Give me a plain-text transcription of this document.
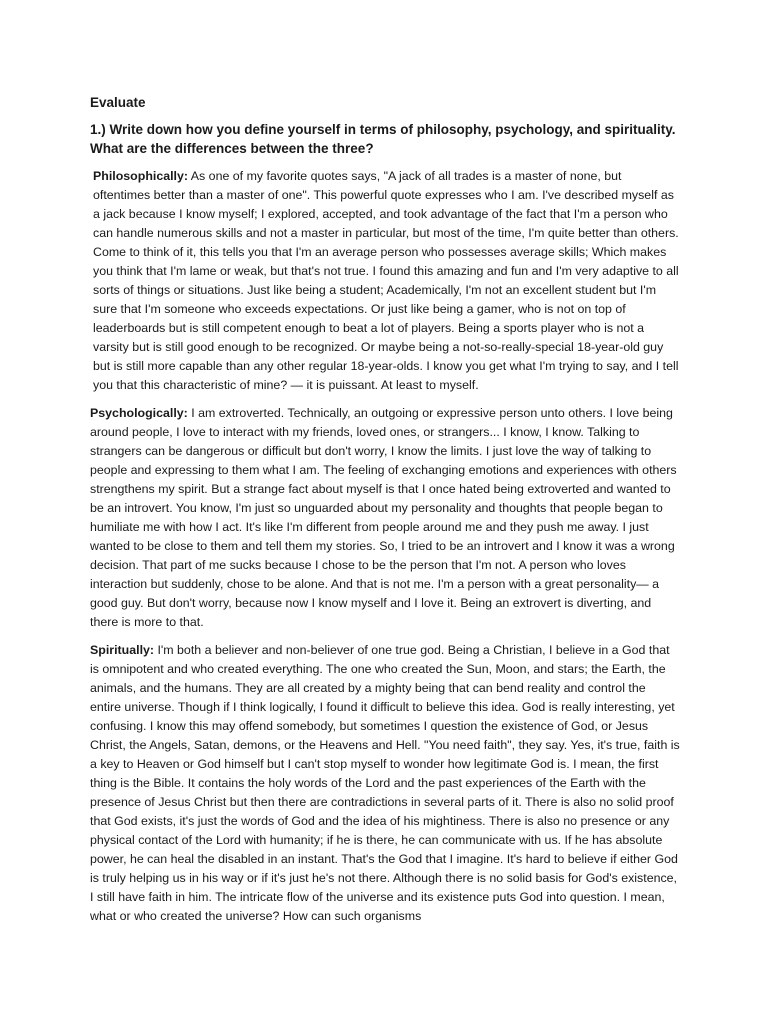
Evaluate
1.) Write down how you define yourself in terms of philosophy, psychology, and spirituality. What are the differences between the three?

Philosophically: As one of my favorite quotes says, "A jack of all trades is a master of none, but oftentimes better than a master of one". This powerful quote expresses who I am. I've described myself as a jack because I know myself; I explored, accepted, and took advantage of the fact that I'm a person who can handle numerous skills and not a master in particular, but most of the time, I'm quite better than others. Come to think of it, this tells you that I'm an average person who possesses average skills; Which makes you think that I'm lame or weak, but that's not true. I found this amazing and fun and I'm very adaptive to all sorts of things or situations. Just like being a student; Academically, I'm not an excellent student but I'm sure that I'm someone who exceeds expectations. Or just like being a gamer, who is not on top of leaderboards but is still competent enough to beat a lot of players. Being a sports player who is not a varsity but is still good enough to be recognized. Or maybe being a not-so-really-special 18-year-old guy but is still more capable than any other regular 18-year-olds. I know you get what I'm trying to say, and I tell you that this characteristic of mine? — it is puissant. At least to myself.

Psychologically: I am extroverted. Technically, an outgoing or expressive person unto others. I love being around people, I love to interact with my friends, loved ones, or strangers... I know, I know. Talking to strangers can be dangerous or difficult but don't worry, I know the limits. I just love the way of talking to people and expressing to them what I am. The feeling of exchanging emotions and experiences with others strengthens my spirit. But a strange fact about myself is that I once hated being extroverted and wanted to be an introvert. You know, I'm just so unguarded about my personality and thoughts that people began to humiliate me with how I act. It's like I'm different from people around me and they push me away. I just wanted to be close to them and tell them my stories. So, I tried to be an introvert and I know it was a wrong decision. That part of me sucks because I chose to be the person that I'm not. A person who loves interaction but suddenly, chose to be alone. And that is not me. I'm a person with a great personality— a good guy. But don't worry, because now I know myself and I love it. Being an extrovert is diverting, and there is more to that.

Spiritually: I'm both a believer and non-believer of one true god. Being a Christian, I believe in a God that is omnipotent and who created everything. The one who created the Sun, Moon, and stars; the Earth, the animals, and the humans. They are all created by a mighty being that can bend reality and control the entire universe. Though if I think logically, I found it difficult to believe this idea. God is really interesting, yet confusing. I know this may offend somebody, but sometimes I question the existence of God, or Jesus Christ, the Angels, Satan, demons, or the Heavens and Hell. "You need faith", they say. Yes, it's true, faith is a key to Heaven or God himself but I can't stop myself to wonder how legitimate God is. I mean, the first thing is the Bible. It contains the holy words of the Lord and the past experiences of the Earth with the presence of Jesus Christ but then there are contradictions in several parts of it. There is also no solid proof that God exists, it's just the words of God and the idea of his mightiness. There is also no presence or any physical contact of the Lord with humanity; if he is there, he can communicate with us. If he has absolute power, he can heal the disabled in an instant. That's the God that I imagine. It's hard to believe if either God is truly helping us in his way or if it's just he's not there. Although there is no solid basis for God's existence, I still have faith in him. The intricate flow of the universe and its existence puts God into question. I mean, what or who created the universe? How can such organisms
